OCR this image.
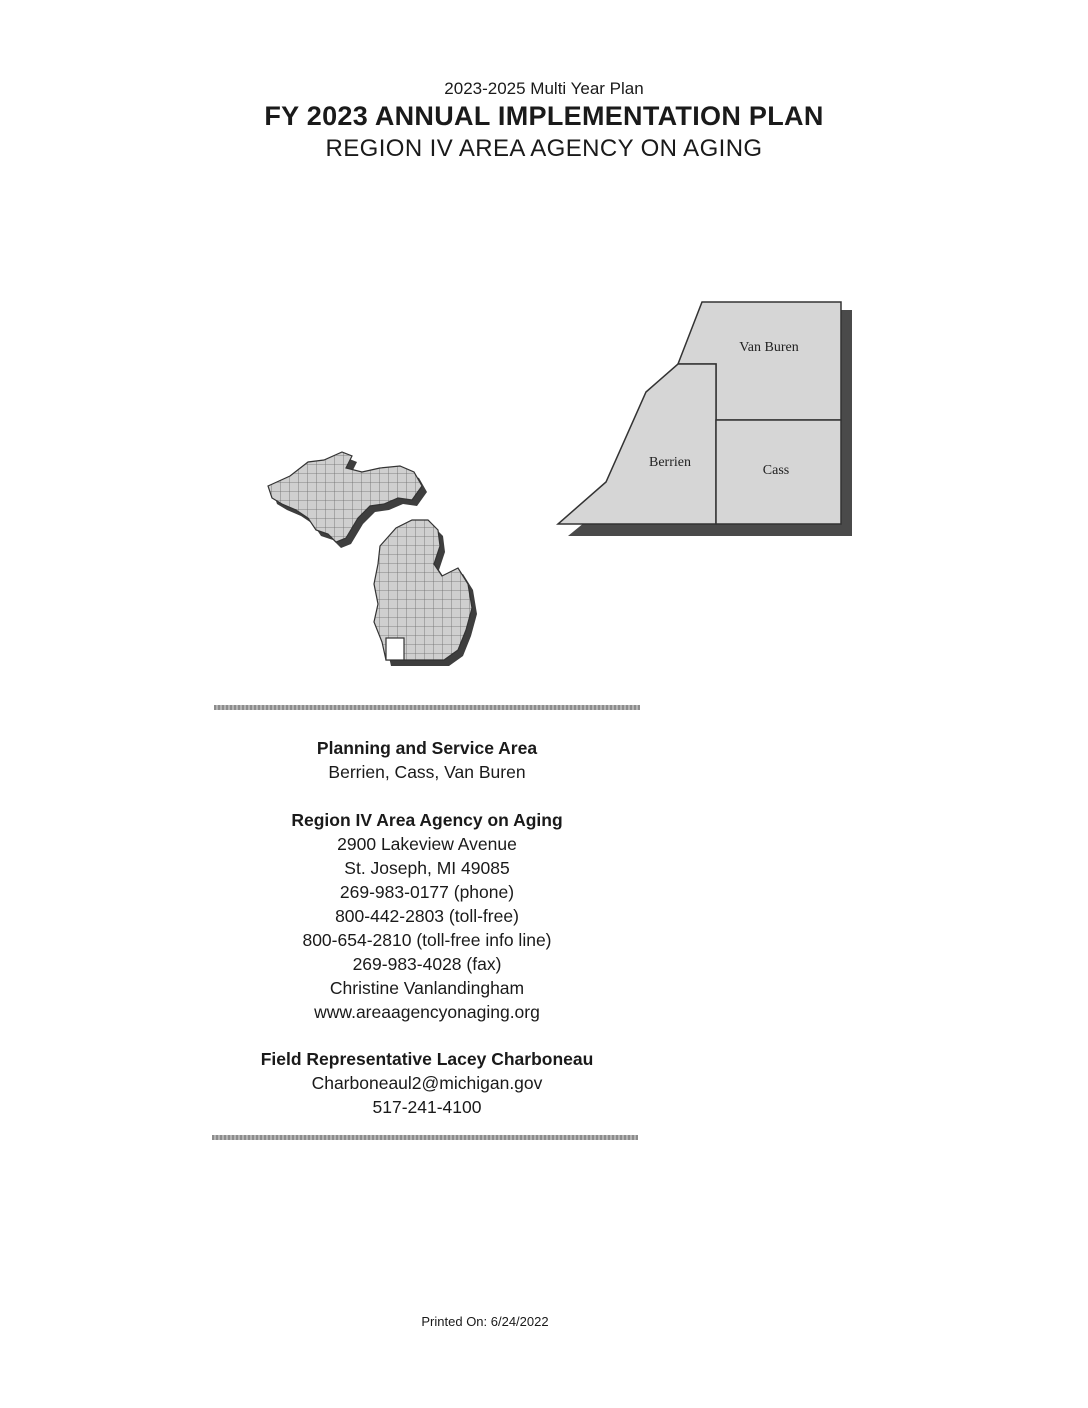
2023-2025 Multi Year Plan
FY 2023 ANNUAL IMPLEMENTATION PLAN
REGION IV AREA AGENCY ON AGING
Van Buren
Berrien
Cass
Planning and Service Area
Berrien, Cass, Van Buren
Region IV Area Agency on Aging
2900 Lakeview Avenue
St. Joseph, MI 49085
269-983-0177 (phone)
800-442-2803 (toll-free)
800-654-2810 (toll-free info line)
269-983-4028 (fax)
Christine Vanlandingham
www.areaagencyonaging.org
Field Representative Lacey Charboneau
Charboneaul2@michigan.gov
517-241-4100
Printed On: 6/24/2022
